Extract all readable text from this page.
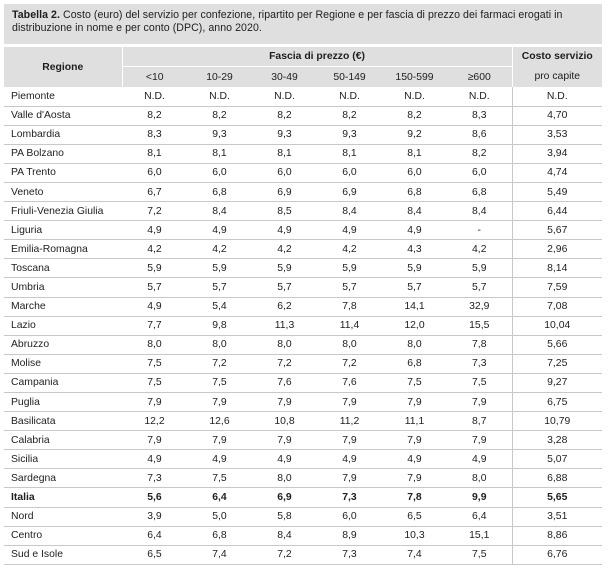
Tabella 2. Costo (euro) del servizio per confezione, ripartito per Regione e per fascia di prezzo dei farmaci erogati in distribuzione in nome e per conto (DPC), anno 2020.
Regione	Fascia di prezzo (€)						Costo servizio
	<10	10-29	30-49	50-149	150-599	≥600	pro capite
Piemonte	N.D.	N.D.	N.D.	N.D.	N.D.	N.D.	N.D.
Valle d'Aosta	8,2	8,2	8,2	8,2	8,2	8,3	4,70
Lombardia	8,3	9,3	9,3	9,3	9,2	8,6	3,53
PA Bolzano	8,1	8,1	8,1	8,1	8,1	8,2	3,94
PA Trento	6,0	6,0	6,0	6,0	6,0	6,0	4,74
Veneto	6,7	6,8	6,9	6,9	6,8	6,8	5,49
Friuli-Venezia Giulia	7,2	8,4	8,5	8,4	8,4	8,4	6,44
Liguria	4,9	4,9	4,9	4,9	4,9	-	5,67
Emilia-Romagna	4,2	4,2	4,2	4,2	4,3	4,2	2,96
Toscana	5,9	5,9	5,9	5,9	5,9	5,9	8,14
Umbria	5,7	5,7	5,7	5,7	5,7	5,7	7,59
Marche	4,9	5,4	6,2	7,8	14,1	32,9	7,08
Lazio	7,7	9,8	11,3	11,4	12,0	15,5	10,04
Abruzzo	8,0	8,0	8,0	8,0	8,0	7,8	5,66
Molise	7,5	7,2	7,2	7,2	6,8	7,3	7,25
Campania	7,5	7,5	7,6	7,6	7,5	7,5	9,27
Puglia	7,9	7,9	7,9	7,9	7,9	7,9	6,75
Basilicata	12,2	12,6	10,8	11,2	11,1	8,7	10,79
Calabria	7,9	7,9	7,9	7,9	7,9	7,9	3,28
Sicilia	4,9	4,9	4,9	4,9	4,9	4,9	5,07
Sardegna	7,3	7,5	8,0	7,9	7,9	8,0	6,88
Italia	5,6	6,4	6,9	7,3	7,8	9,9	5,65
Nord	3,9	5,0	5,8	6,0	6,5	6,4	3,51
Centro	6,4	6,8	8,4	8,9	10,3	15,1	8,86
Sud e Isole	6,5	7,4	7,2	7,3	7,4	7,5	6,76
